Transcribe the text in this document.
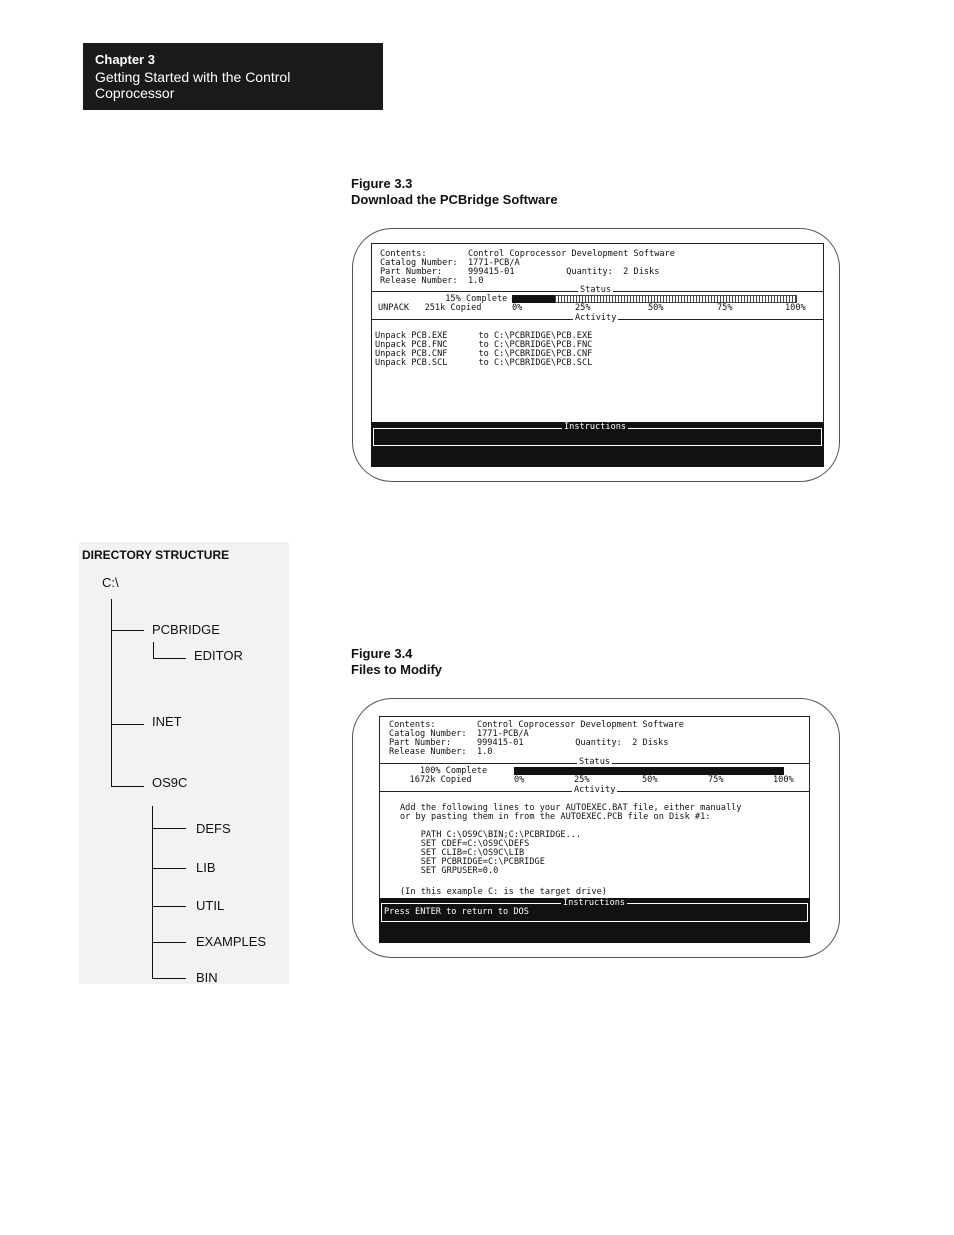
Chapter 3
Getting Started with the Control Coprocessor
Figure 3.3
Download the PCBridge Software
Contents:        Control Coprocessor Development Software
Catalog Number:  1771-PCB/A
Part Number:     999415-01          Quantity:  2 Disks
Release Number:  1.0
Status
15% Complete
UNPACK   251k Copied	0%	25%	50%	75%	100%
Activity
Unpack PCB.EXE      to C:\PCBRIDGE\PCB.EXE
Unpack PCB.FNC      to C:\PCBRIDGE\PCB.FNC
Unpack PCB.CNF      to C:\PCBRIDGE\PCB.CNF
Unpack PCB.SCL      to C:\PCBRIDGE\PCB.SCL
Instructions
Figure 3.4
Files to Modify
Contents:        Control Coprocessor Development Software
Catalog Number:  1771-PCB/A
Part Number:     999415-01          Quantity:  2 Disks
Release Number:  1.0
Status
100% Complete
1672k Copied	0%	25%	50%	75%	100%
Activity
Add the following lines to your AUTOEXEC.BAT file, either manually
or by pasting them in from the AUTOEXEC.PCB file on Disk #1:
PATH C:\OS9C\BIN;C:\PCBRIDGE...
SET CDEF=C:\OS9C\DEFS
SET CLIB=C:\OS9C\LIB
SET PCBRIDGE=C:\PCBRIDGE
SET GRPUSER=0.0
(In this example C: is the target drive)
Instructions
Press ENTER to return to DOS
DIRECTORY STRUCTURE
C:\
PCBRIDGE
EDITOR
INET
OS9C
DEFS
LIB
UTIL
EXAMPLES
BIN
